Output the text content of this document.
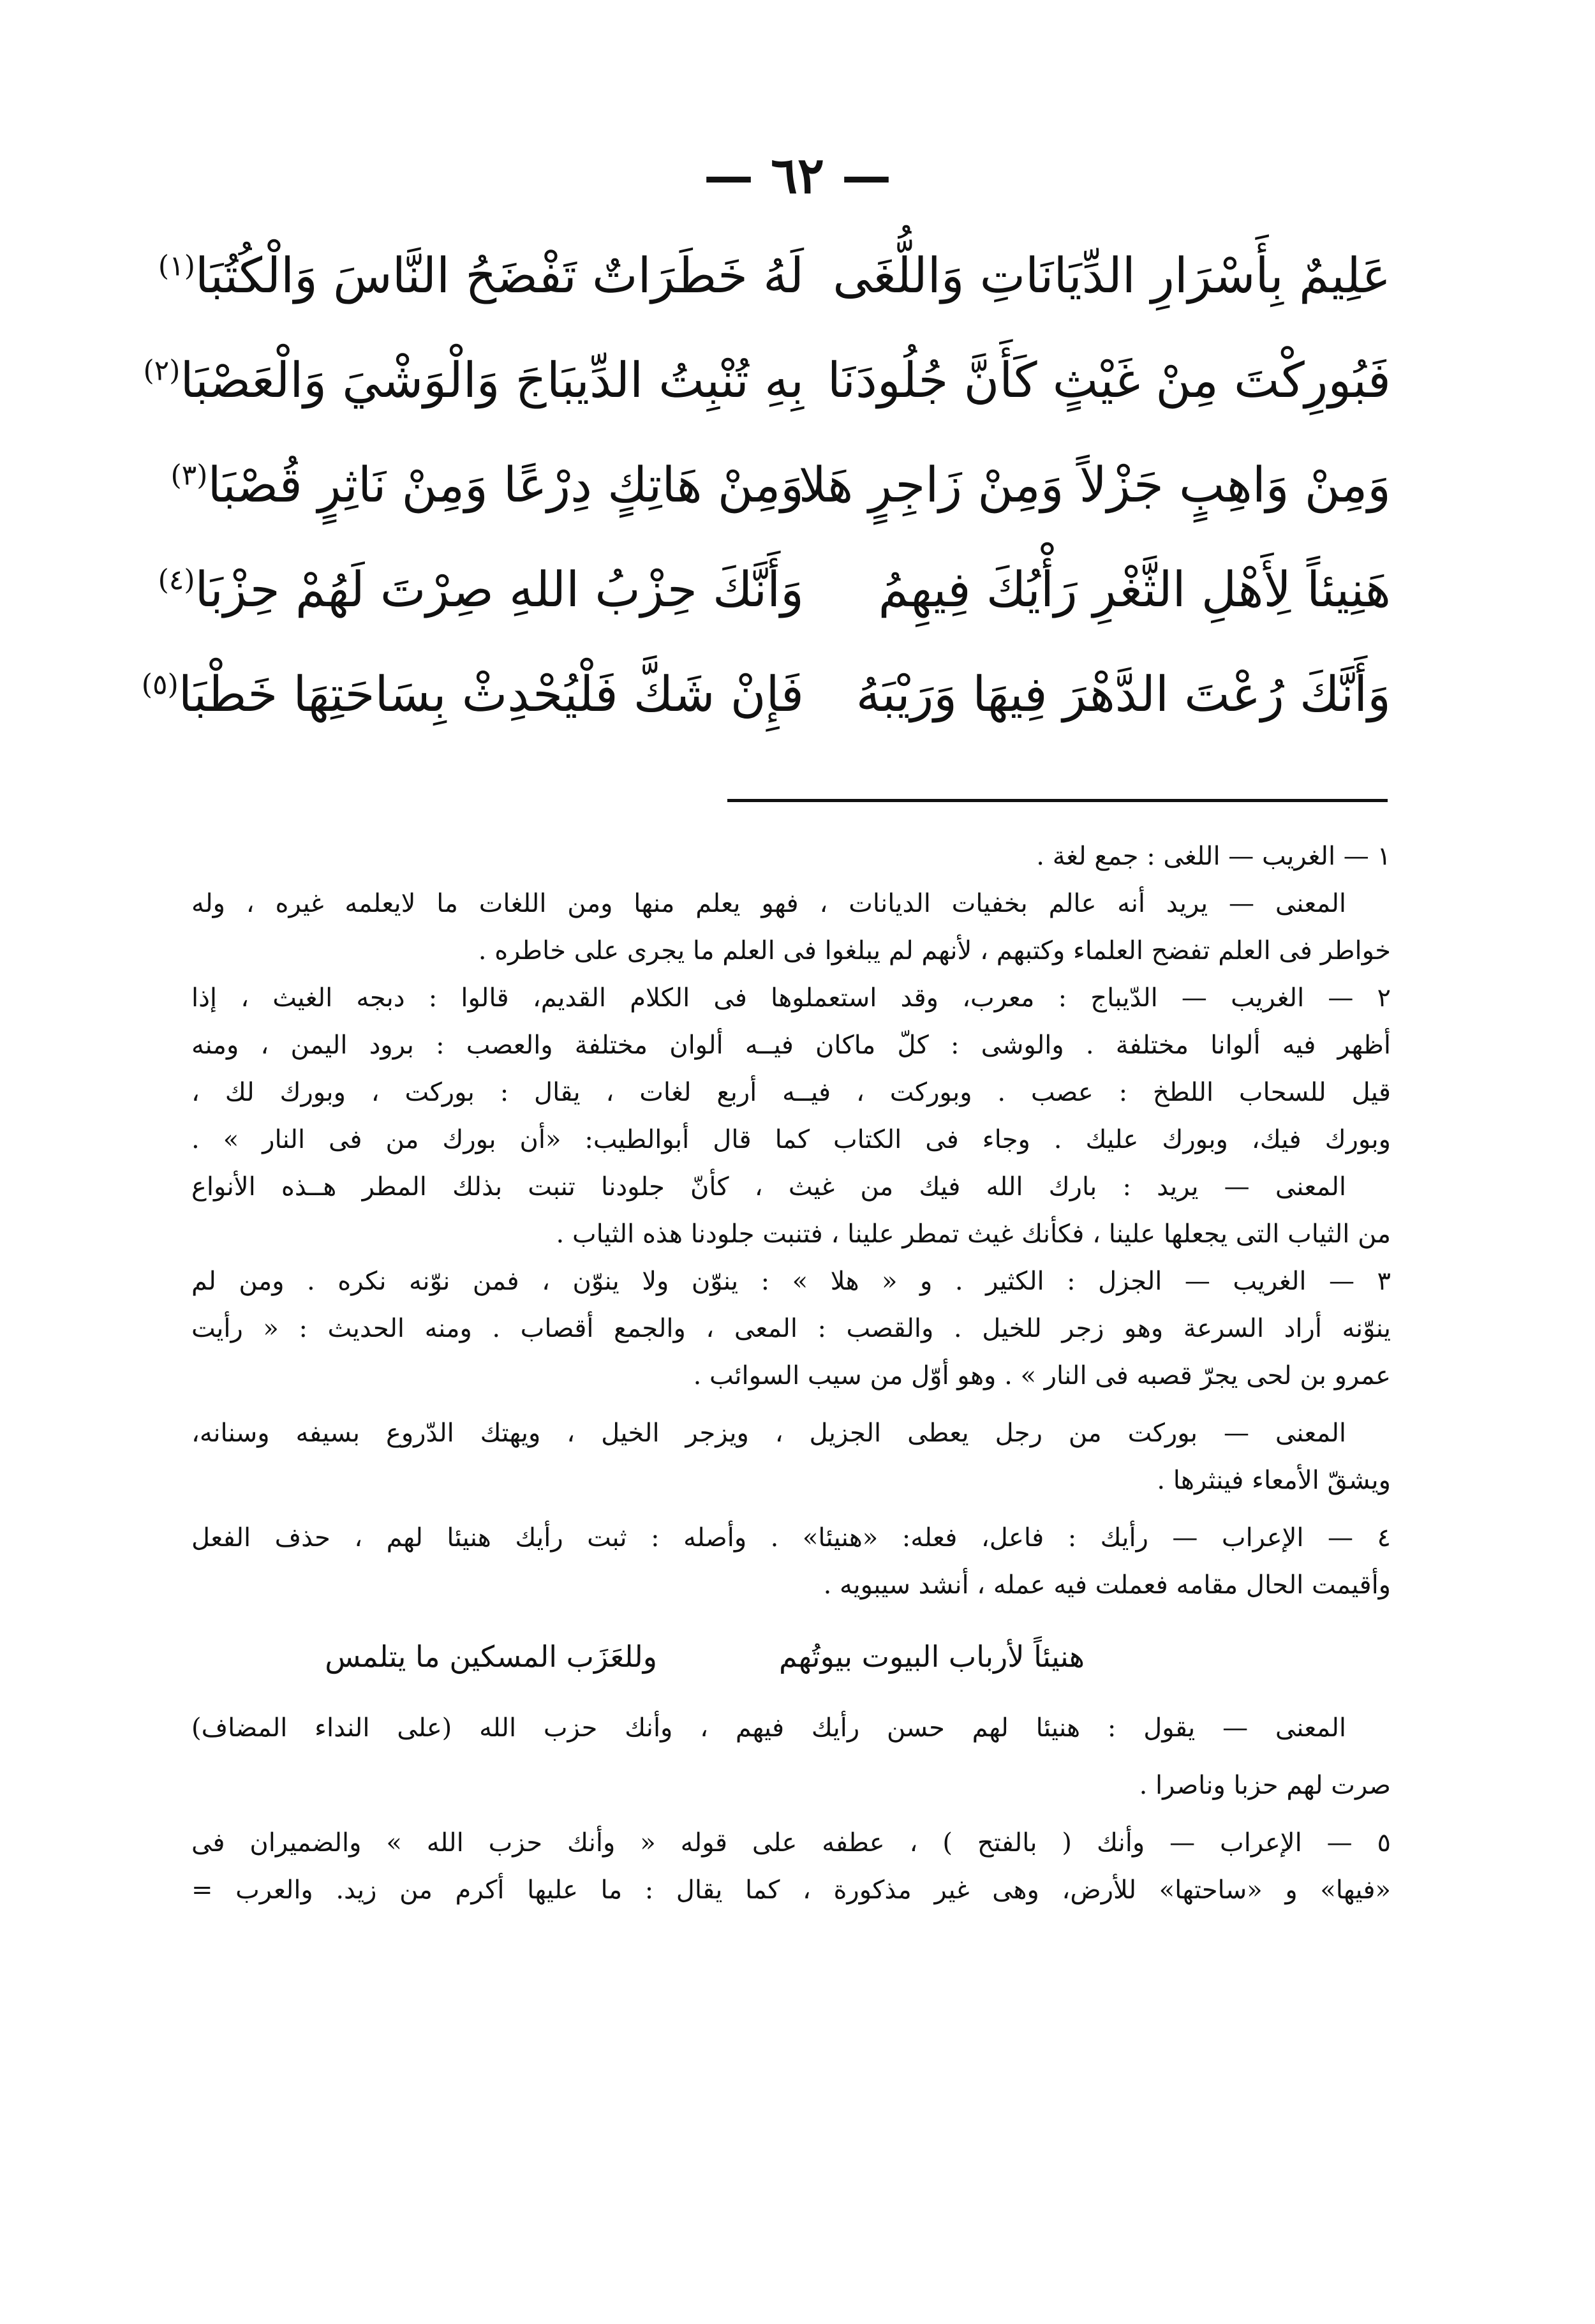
— ٦٢ —
عَلِيمٌ بِأَسْرَارِ الدِّيَانَاتِ وَاللُّغَى
لَهُ خَطَرَاتٌ تَفْضَحُ النَّاسَ وَالْكُتُبَا$^{(١)}$
فَبُورِكْتَ مِنْ غَيْثٍ كَأَنَّ جُلُودَنَا
بِهِ تُنْبِتُ الدِّيبَاجَ وَالْوَشْيَ وَالْعَصْبَا$^{(٢)}$
وَمِنْ وَاهِبٍ جَزْلاً وَمِنْ زَاجِرٍ هَلا
وَمِنْ هَاتِكٍ دِرْعًا وَمِنْ نَاثِرٍ قُصْبَا$^{(٣)}$
هَنِيئاً لِأَهْلِ الثَّغْرِ رَأْيُكَ فِيهِمُ
وَأَنَّكَ حِزْبُ اللهِ صِرْتَ لَهُمْ حِزْبَا$^{(٤)}$
وَأَنَّكَ رُعْتَ الدَّهْرَ فِيهَا وَرَيْبَهُ
فَإِنْ شَكَّ فَلْيُحْدِثْ بِسَاحَتِهَا خَطْبَا$^{(٥)}$
١ — الغريب — اللغى : جمع لغة .
المعنى — يريد أنه عالم بخفيات الديانات ، فهو يعلم منها ومن اللغات ما لايعلمه غيره ، وله
خواطر فى العلم تفضح العلماء وكتبهم ، لأنهم لم يبلغوا فى العلم ما يجرى على خاطره .
٢ — الغريب — الدّيباج : معرب، وقد استعملوها فى الكلام القديم، قالوا : دبجه الغيث ، إذا
أظهر فيه ألوانا مختلفة . والوشى : كلّ ماكان فيــه ألوان مختلفة والعصب : برود اليمن ، ومنه
قيل للسحاب اللطخ : عصب . وبوركت ، فيــه أربع لغات ، يقال : بوركت ، وبورك لك ،
وبورك فيك، وبورك عليك . وجاء فى الكتاب كما قال أبوالطيب: «أن بورك من فى النار » .
المعنى — يريد : بارك الله فيك من غيث ، كأنّ جلودنا تنبت بذلك المطر هــذه الأنواع
من الثياب التى يجعلها علينا ، فكأنك غيث تمطر علينا ، فتنبت جلودنا هذه الثياب .
٣ — الغريب — الجزل : الكثير . و « هلا » : ينوّن ولا ينوّن ، فمن نوّنه نكره . ومن لم
ينوّنه أراد السرعة وهو زجر للخيل . والقصب : المعى ، والجمع أقصاب . ومنه الحديث : « رأيت
عمرو بن لحى يجرّ قصبه فى النار » . وهو أوّل من سيب السوائب .
المعنى — بوركت من رجل يعطى الجزيل ، ويزجر الخيل ، ويهتك الدّروع بسيفه وسنانه،
ويشقّ الأمعاء فينثرها .
٤ — الإعراب — رأيك : فاعل، فعله: «هنيئا» . وأصله : ثبت رأيك هنيئا لهم ، حذف الفعل
وأقيمت الحال مقامه فعملت فيه عمله ، أنشد سيبويه .
هنيئاً لأرباب البيوت بيوتُهم
وللعَزَب المسكين ما يتلمس
المعنى — يقول : هنيئا لهم حسن رأيك فيهم ، وأنك حزب الله (على النداء المضاف)
صرت لهم حزبا وناصرا .
٥ — الإعراب — وأنك ( بالفتح ) ، عطفه على قوله « وأنك حزب الله » والضميران فى
«فيها» و «ساحتها» للأرض، وهى غير مذكورة ، كما يقال : ما عليها أكرم من زيد. والعرب =
